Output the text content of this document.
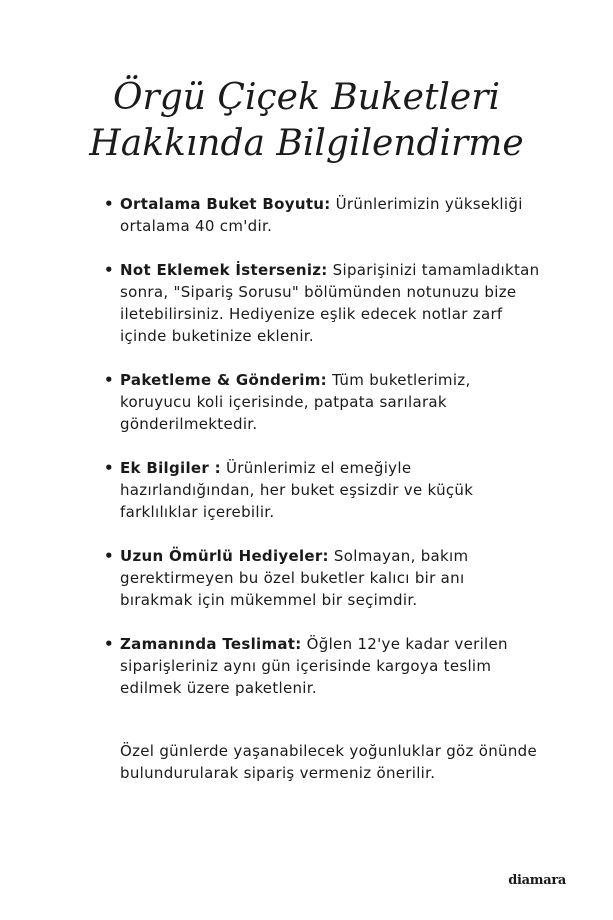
Örgü Çiçek Buketleri
Hakkında Bilgilendirme
• Ortalama Buket Boyutu: Ürünlerimizin yüksekliği ortalama 40 cm'dir.
• Not Eklemek İsterseniz: Siparişinizi tamamladıktan sonra, "Sipariş Sorusu" bölümünden notunuzu bize iletebilirsiniz. Hediyenize eşlik edecek notlar zarf içinde buketinize eklenir.
• Paketleme & Gönderim: Tüm buketlerimiz, koruyucu koli içerisinde, patpata sarılarak gönderilmektedir.
• Ek Bilgiler : Ürünlerimiz el emeğiyle hazırlandığından, her buket eşsizdir ve küçük farklılıklar içerebilir.
• Uzun Ömürlü Hediyeler: Solmayan, bakım gerektirmeyen bu özel buketler kalıcı bir anı bırakmak için mükemmel bir seçimdir.
• Zamanında Teslimat: Öğlen 12'ye kadar verilen siparişleriniz aynı gün içerisinde kargoya teslim edilmek üzere paketlenir.

Özel günlerde yaşanabilecek yoğunluklar göz önünde bulundurularak sipariş vermeniz önerilir.

diamara
